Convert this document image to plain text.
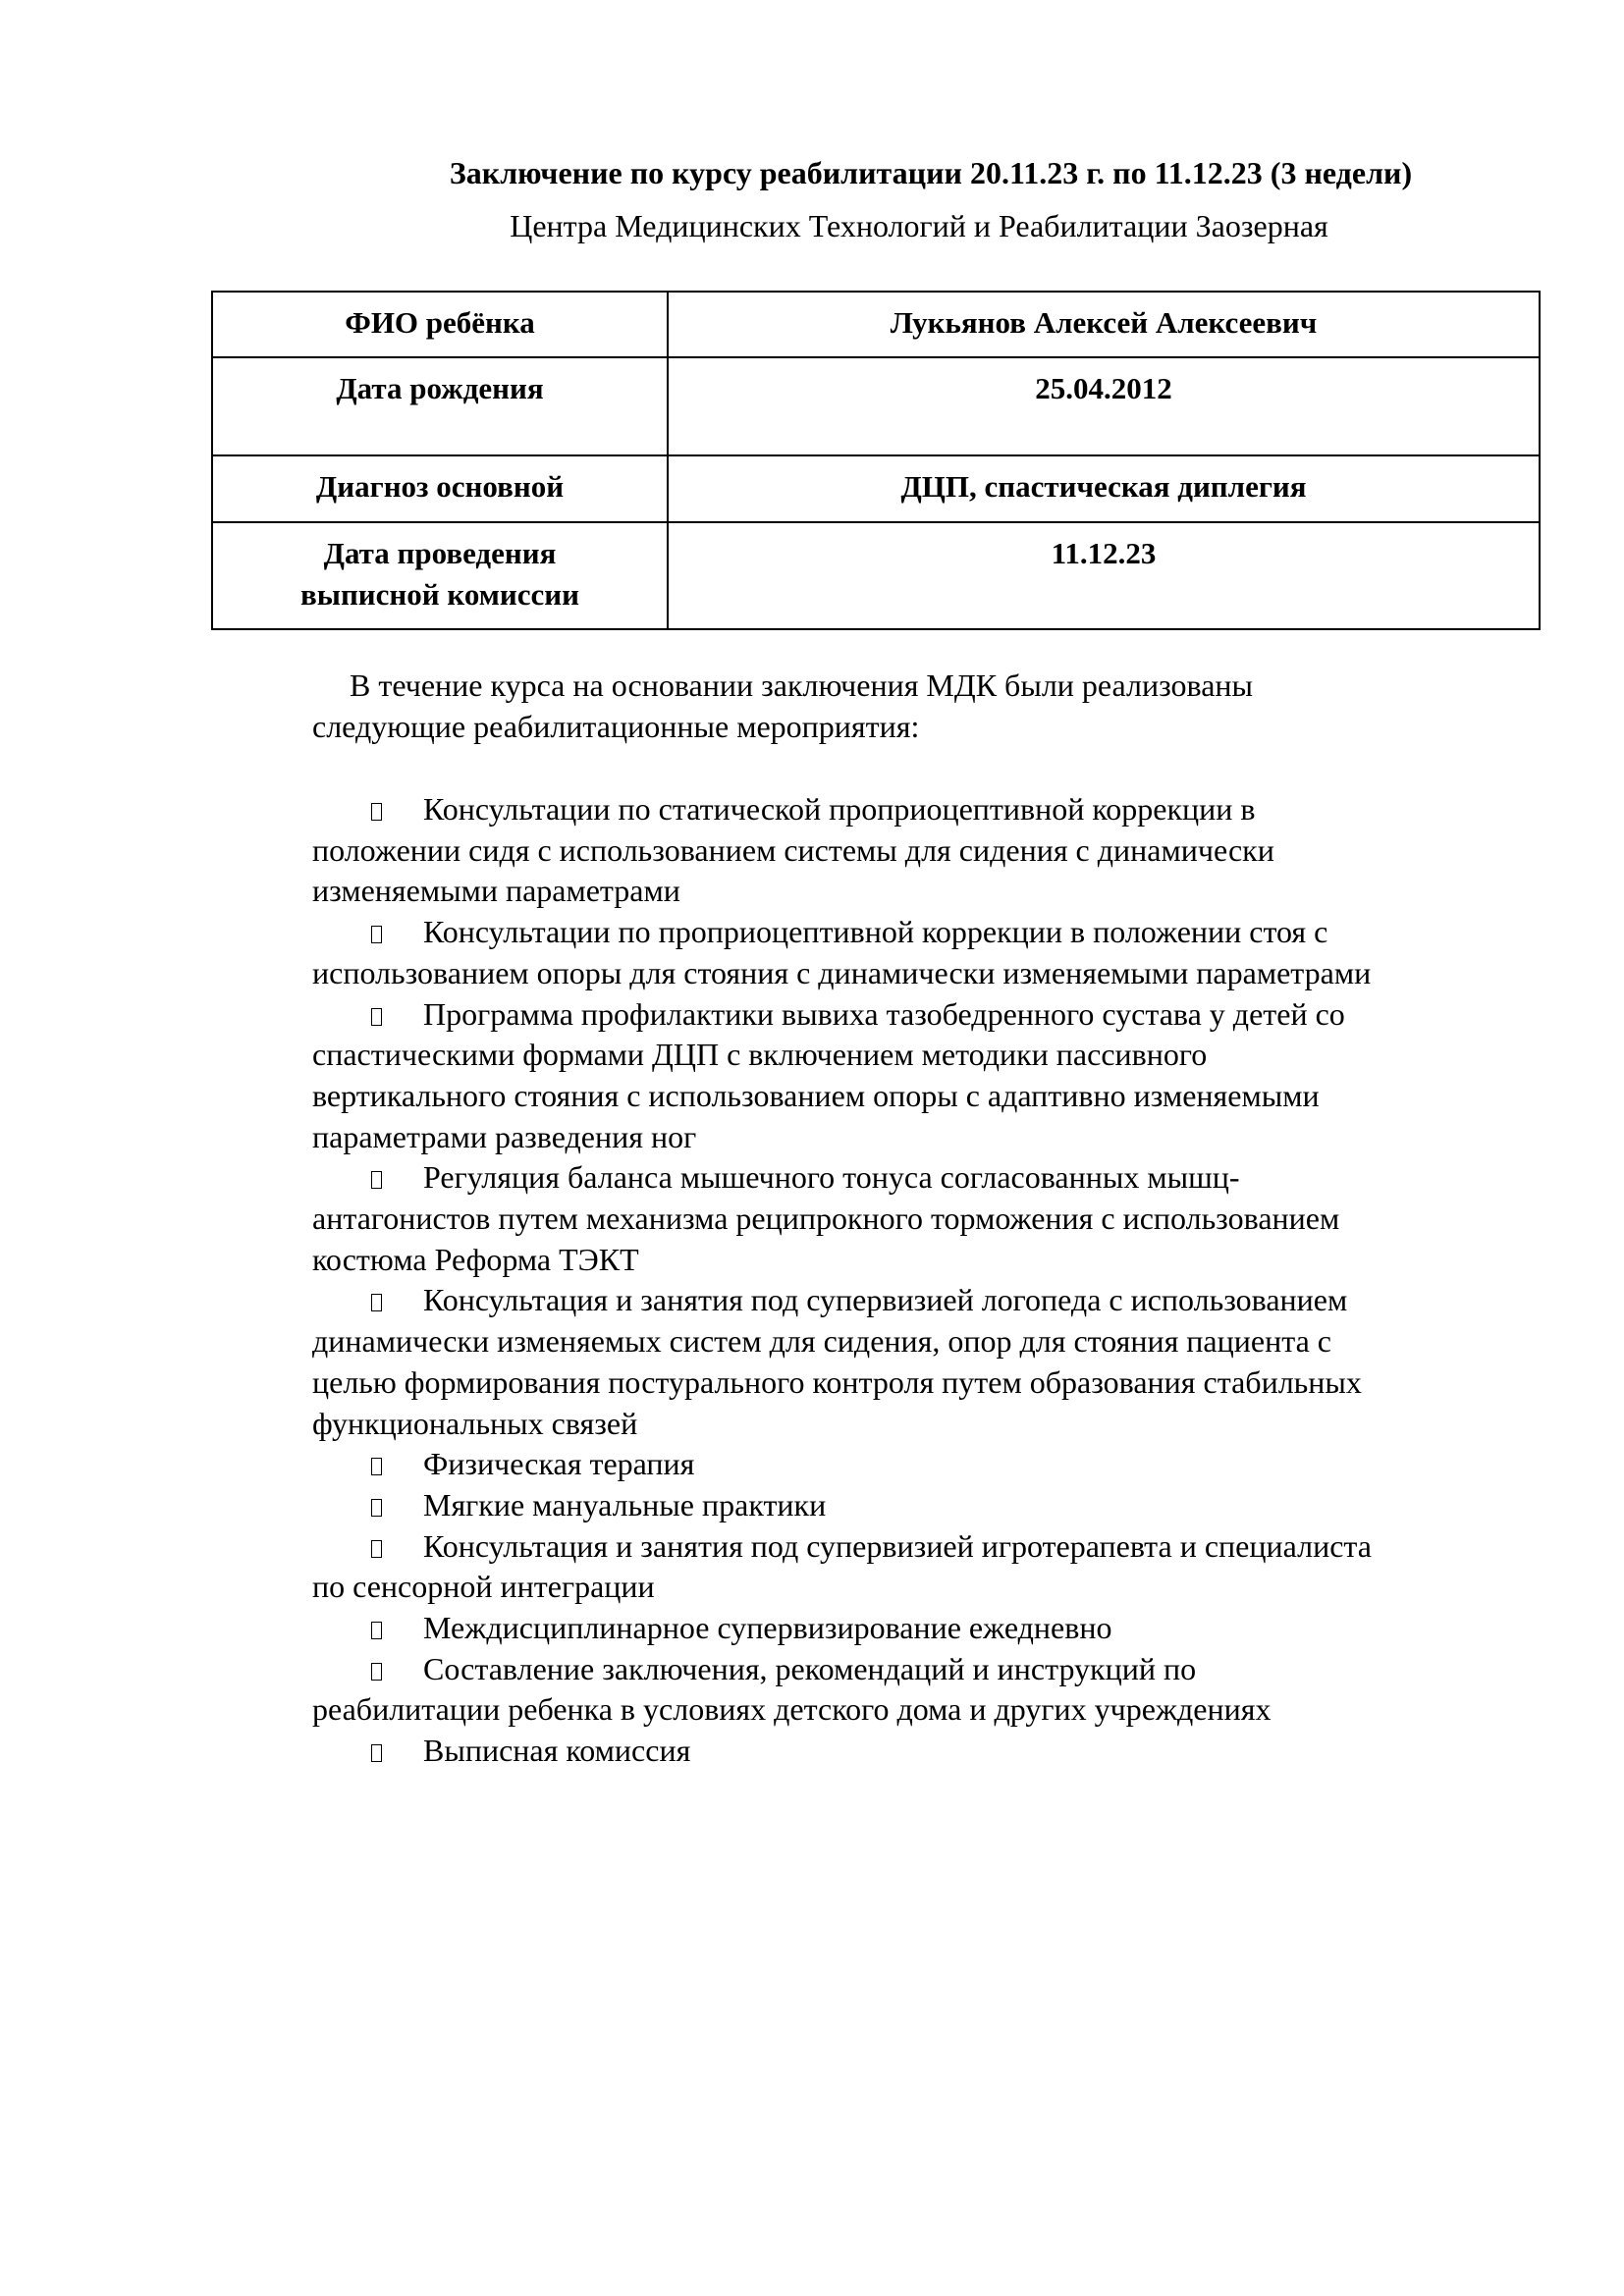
Заключение по курсу реабилитации 20.11.23 г. по 11.12.23 (3 недели)
Центра Медицинских Технологий и Реабилитации Заозерная
ФИО ребёнка	Лукьянов Алексей Алексеевич

Дата рождения	25.04.2012

Диагноз основной	ДЦП, спастическая диплегия

Дата проведения
выписной комиссии	11.12.23
В течение курса на основании заключения МДК были реализованы
следующие реабилитационные мероприятия:
Консультации по статической проприоцептивной коррекции в
положении сидя с использованием системы для сидения с динамически
изменяемыми параметрами
Консультации по проприоцептивной коррекции в положении стоя с
использованием опоры для стояния с динамически изменяемыми параметрами
Программа профилактики вывиха тазобедренного сустава у детей со
спастическими формами ДЦП с включением методики пассивного
вертикального стояния с использованием опоры с адаптивно изменяемыми
параметрами разведения ног
Регуляция баланса мышечного тонуса согласованных мышц-
антагонистов путем механизма реципрокного торможения с использованием
костюма Реформа ТЭКТ
Консультация и занятия под супервизией логопеда с использованием
динамически изменяемых систем для сидения, опор для стояния пациента с
целью формирования постурального контроля путем образования стабильных
функциональных связей
Физическая терапия
Мягкие мануальные практики
Консультация и занятия под супервизией игротерапевта и специалиста
по сенсорной интеграции
Междисциплинарное супервизирование ежедневно
Составление заключения, рекомендаций и инструкций по
реабилитации ребенка в условиях детского дома и других учреждениях
Выписная комиссия
